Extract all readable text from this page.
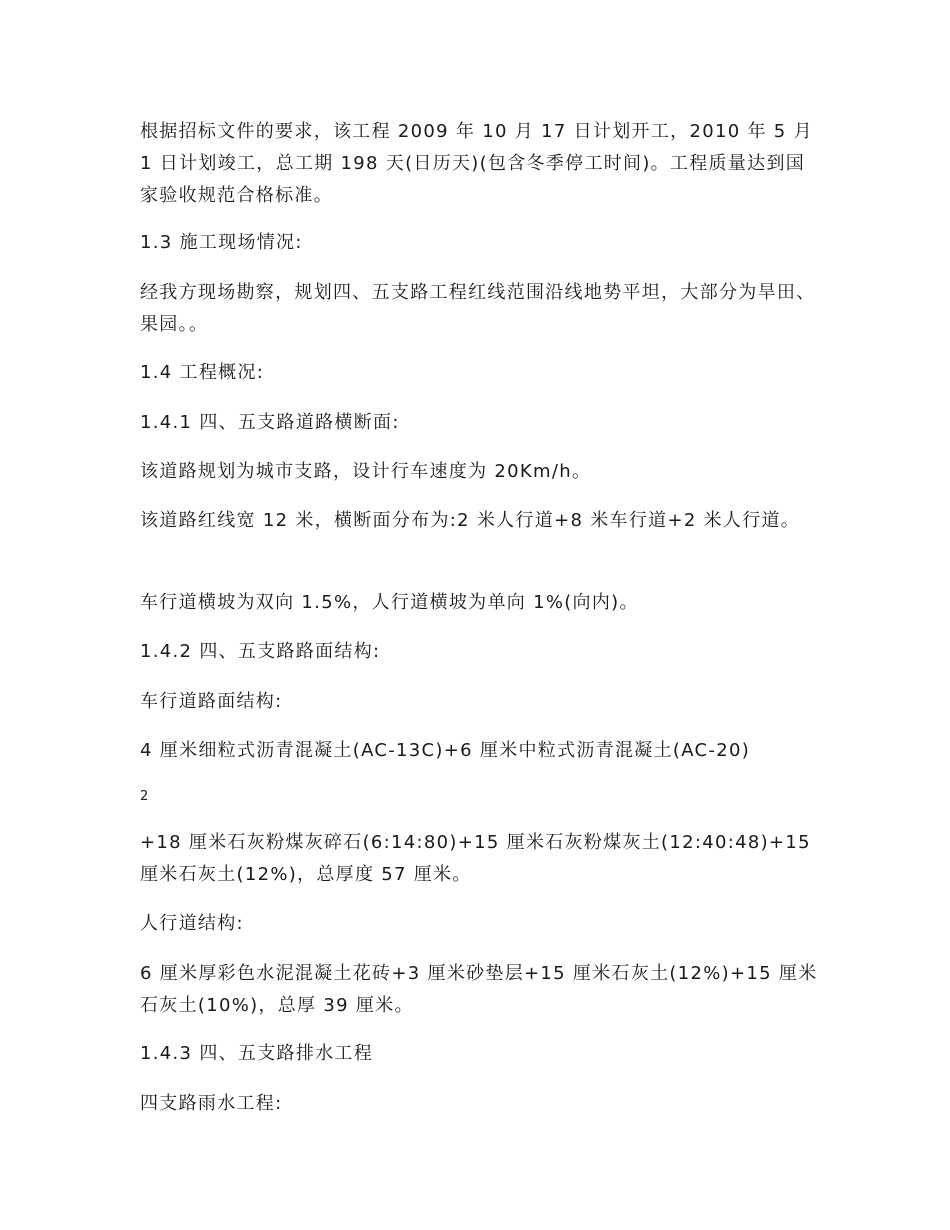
根据招标文件的要求，该工程 2009 年 10 月 17 日计划开工，2010 年 5 月 1 日计划竣工，总工期 198 天(日历天)(包含冬季停工时间)。工程质量达到国家验收规范合格标准。

1.3 施工现场情况:

经我方现场勘察，规划四、五支路工程红线范围沿线地势平坦，大部分为旱田、果园。。

1.4 工程概况:

1.4.1 四、五支路道路横断面:

该道路规划为城市支路，设计行车速度为 20Km/h。

该道路红线宽 12 米，横断面分布为:2 米人行道+8 米车行道+2 米人行道。

车行道横坡为双向 1.5%，人行道横坡为单向 1%(向内)。

1.4.2 四、五支路路面结构:

车行道路面结构:

4 厘米细粒式沥青混凝土(AC-13C)+6 厘米中粒式沥青混凝土(AC-20)

2

+18 厘米石灰粉煤灰碎石(6:14:80)+15 厘米石灰粉煤灰土(12:40:48)+15 厘米石灰土(12%)，总厚度 57 厘米。

人行道结构:

6 厘米厚彩色水泥混凝土花砖+3 厘米砂垫层+15 厘米石灰土(12%)+15 厘米石灰土(10%)，总厚 39 厘米。

1.4.3 四、五支路排水工程

四支路雨水工程:
